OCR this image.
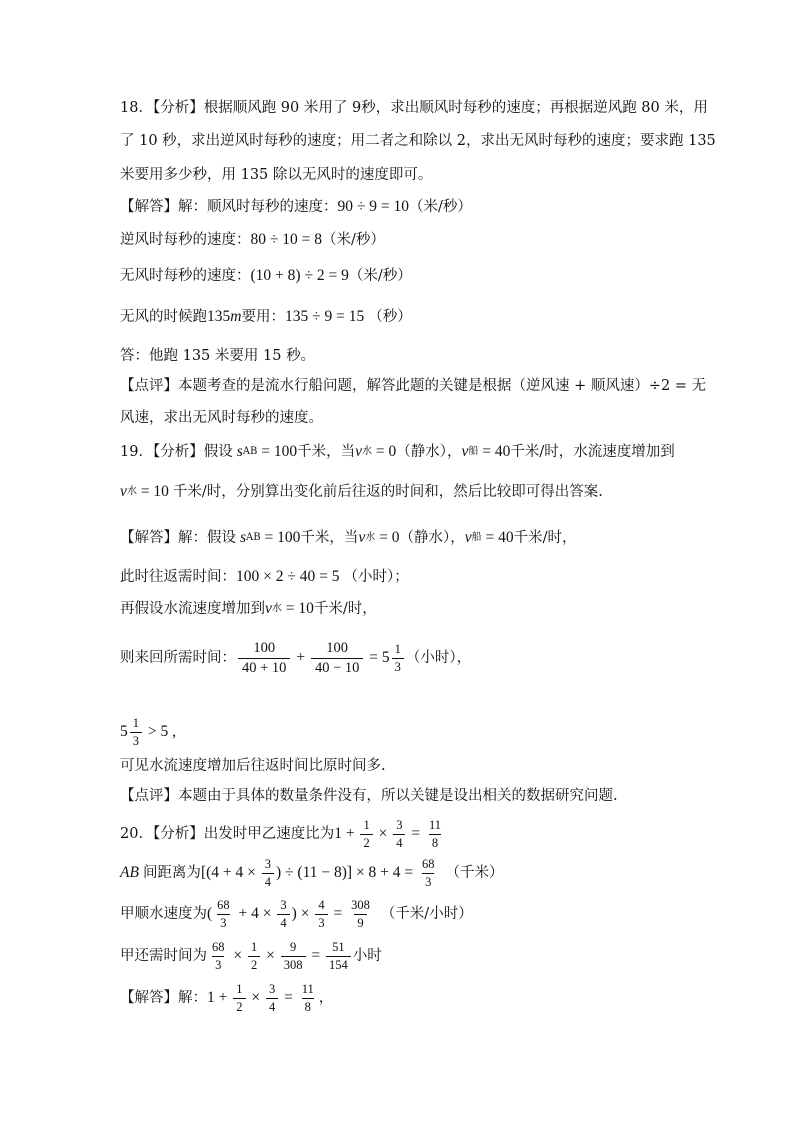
18．【分析】根据顺风跑 90 米用了 9秒，求出顺风时每秒的速度；再根据逆风跑 80 米，用
了 10 秒，求出逆风时每秒的速度；用二者之和除以 2，求出无风时每秒的速度；要求跑 135
米要用多少秒，用 135 除以无风时的速度即可。
【解答】解：顺风时每秒的速度： 90 ÷ 9 = 10 （米/秒）
逆风时每秒的速度： 80 ÷ 10 = 8 （米/秒）
无风时每秒的速度： (10 + 8) ÷ 2 = 9 （米/秒）
无风的时候跑 135 m 要用： 135 ÷ 9 = 15 （秒）
答：他跑 135 米要用 15 秒。
【点评】本题考查的是流水行船问题，解答此题的关键是根据（逆风速 + 顺风速）÷2 = 无
风速，求出无风时每秒的速度。
19．【分析】假设 s AB = 100 千米，当 v 水 = 0 （静水）， v 船 = 40 千米/时， 水流速度增加到
v 水 = 10 千米/时，分别算出变化前后往返的时间和，然后比较即可得出答案.
【解答】解：假设 s AB = 100 千米，当 v 水 = 0 （静水）， v 船 = 40 千米/时，
此时往返需时间： 100 × 2 ÷ 40 = 5 （小时）；
再假设水流速度增加到 v 水 = 10 千米/时，
则来回所需时间： $\frac{100}{40 + 10} + \frac{100}{40 - 10} = 5 \frac{1}{3}$ （小时），
$5 \frac{1}{3} > 5$ ,
可见水流速度增加后往返时间比原时间多.
【点评】本题由于具体的数量条件没有，所以关键是设出相关的数据研究问题.
20．【分析】出发时甲乙速度比为 $1 + \frac{1}{2} \times \frac{3}{4} = \frac{11}{8}$
AB 间距离为 [($4 + 4 \times \frac{3}{4}$ ) ÷ $(11 - 8)] \times 8 + 4 = \frac{68}{3}$ （千米）
甲顺水速度为 ( $\frac{68}{3} + 4 \times \frac{3}{4}$ ) × $\frac{4}{3} = \frac{308}{9}$ （千米/小时）
甲还需时间为 $\frac{68}{3} \times \frac{1}{2} \times \frac{9}{308} = \frac{51}{154}$ 小时
【解答】解： $1 + \frac{1}{2} \times \frac{3}{4} = \frac{11}{8}$ ，
